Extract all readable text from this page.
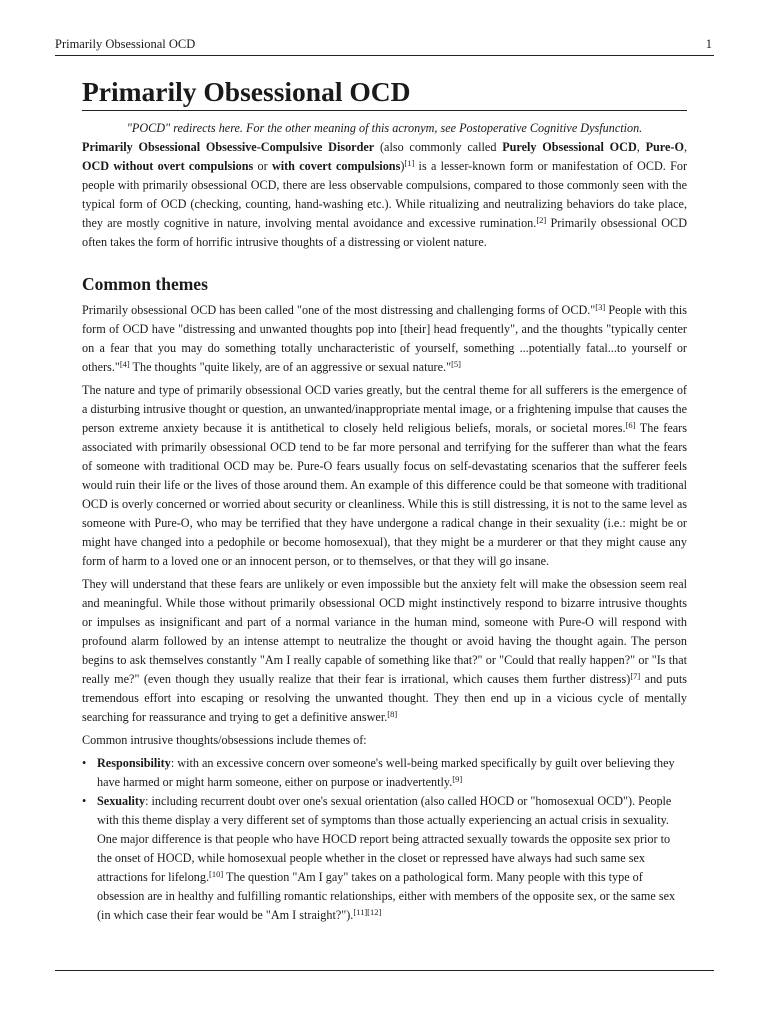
Primarily Obsessional OCD	1
Primarily Obsessional OCD
"POCD" redirects here. For the other meaning of this acronym, see Postoperative Cognitive Dysfunction.

Primarily Obsessional Obsessive-Compulsive Disorder (also commonly called Purely Obsessional OCD, Pure-O, OCD without overt compulsions or with covert compulsions)[1] is a lesser-known form or manifestation of OCD. For people with primarily obsessional OCD, there are less observable compulsions, compared to those commonly seen with the typical form of OCD (checking, counting, hand-washing etc.). While ritualizing and neutralizing behaviors do take place, they are mostly cognitive in nature, involving mental avoidance and excessive rumination.[2] Primarily obsessional OCD often takes the form of horrific intrusive thoughts of a distressing or violent nature.

Common themes

Primarily obsessional OCD has been called "one of the most distressing and challenging forms of OCD."[3] People with this form of OCD have "distressing and unwanted thoughts pop into [their] head frequently", and the thoughts "typically center on a fear that you may do something totally uncharacteristic of yourself, something ...potentially fatal...to yourself or others."[4] The thoughts "quite likely, are of an aggressive or sexual nature."[5]

The nature and type of primarily obsessional OCD varies greatly, but the central theme for all sufferers is the emergence of a disturbing intrusive thought or question, an unwanted/inappropriate mental image, or a frightening impulse that causes the person extreme anxiety because it is antithetical to closely held religious beliefs, morals, or societal mores.[6] The fears associated with primarily obsessional OCD tend to be far more personal and terrifying for the sufferer than what the fears of someone with traditional OCD may be. Pure-O fears usually focus on self-devastating scenarios that the sufferer feels would ruin their life or the lives of those around them. An example of this difference could be that someone with traditional OCD is overly concerned or worried about security or cleanliness. While this is still distressing, it is not to the same level as someone with Pure-O, who may be terrified that they have undergone a radical change in their sexuality (i.e.: might be or might have changed into a pedophile or become homosexual), that they might be a murderer or that they might cause any form of harm to a loved one or an innocent person, or to themselves, or that they will go insane.

They will understand that these fears are unlikely or even impossible but the anxiety felt will make the obsession seem real and meaningful. While those without primarily obsessional OCD might instinctively respond to bizarre intrusive thoughts or impulses as insignificant and part of a normal variance in the human mind, someone with Pure-O will respond with profound alarm followed by an intense attempt to neutralize the thought or avoid having the thought again. The person begins to ask themselves constantly "Am I really capable of something like that?" or "Could that really happen?" or "Is that really me?" (even though they usually realize that their fear is irrational, which causes them further distress)[7] and puts tremendous effort into escaping or resolving the unwanted thought. They then end up in a vicious cycle of mentally searching for reassurance and trying to get a definitive answer.[8]

Common intrusive thoughts/obsessions include themes of:

• Responsibility: with an excessive concern over someone's well-being marked specifically by guilt over believing they have harmed or might harm someone, either on purpose or inadvertently.[9]
• Sexuality: including recurrent doubt over one's sexual orientation (also called HOCD or "homosexual OCD"). People with this theme display a very different set of symptoms than those actually experiencing an actual crisis in sexuality. One major difference is that people who have HOCD report being attracted sexually towards the opposite sex prior to the onset of HOCD, while homosexual people whether in the closet or repressed have always had such same sex attractions for lifelong.[10] The question "Am I gay" takes on a pathological form. Many people with this type of obsession are in healthy and fulfilling romantic relationships, either with members of the opposite sex, or the same sex (in which case their fear would be "Am I straight?").[11][12]
